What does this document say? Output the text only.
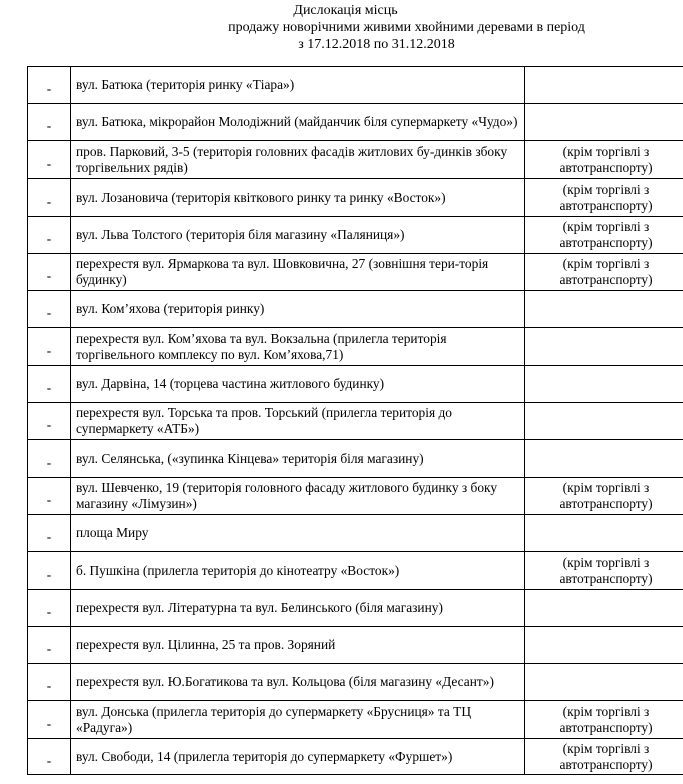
Дислокація місць
продажу новорічними живими хвойними деревами в період
з 17.12.2018 по 31.12.2018
-	вул. Батюка (територія ринку «Тіара»)	

-	вул. Батюка, мікрорайон Молодіжний (майданчик біля супермаркету «Чудо»)	

-	пров. Парковий, 3-5 (територія головних фасадів житлових бу-динків збоку торгівельних рядів)	(крім торгівлі з автотранспорту)
-	вул. Лозановича (територія квіткового ринку та ринку «Восток»)	(крім торгівлі з автотранспорту)
-	вул. Льва Толстого (територія біля магазину «Паляниця»)	(крім торгівлі з автотранспорту)
-	перехрестя вул. Ярмаркова та вул. Шовковична, 27 (зовнішня тери-торія будинку)	(крім торгівлі з автотранспорту)
-	вул. Ком’яхова (територія ринку)	

-	перехрестя вул. Ком’яхова та вул. Вокзальна (прилегла територія торгівельного комплексу по вул. Ком’яхова,71)	

-	вул. Дарвіна, 14 (торцева частина житлового будинку)	

-	перехрестя вул. Торська та пров. Торський (прилегла територія до супермаркету «АТБ»)	

-	вул. Селянська, («зупинка Кінцева» територія біля магазину)	

-	вул. Шевченко, 19 (територія головного фасаду житлового будинку з боку магазину «Лімузин»)	(крім торгівлі з автотранспорту)
-	площа Миру	

-	б. Пушкіна (прилегла територія до кінотеатру «Восток»)	(крім торгівлі з автотранспорту)
-	перехрестя вул. Літературна та вул. Белинського (біля магазину)	

-	перехрестя вул. Цілинна, 25 та пров. Зоряний	

-	перехрестя вул. Ю.Богатикова та вул. Кольцова (біля магазину «Десант»)	

-	вул. Донська (прилегла територія до супермаркету «Брусниця» та ТЦ «Радуга»)	(крім торгівлі з автотранспорту)
-	вул. Свободи, 14 (прилегла територія до супермаркету «Фуршет»)	(крім торгівлі з автотранспорту)
